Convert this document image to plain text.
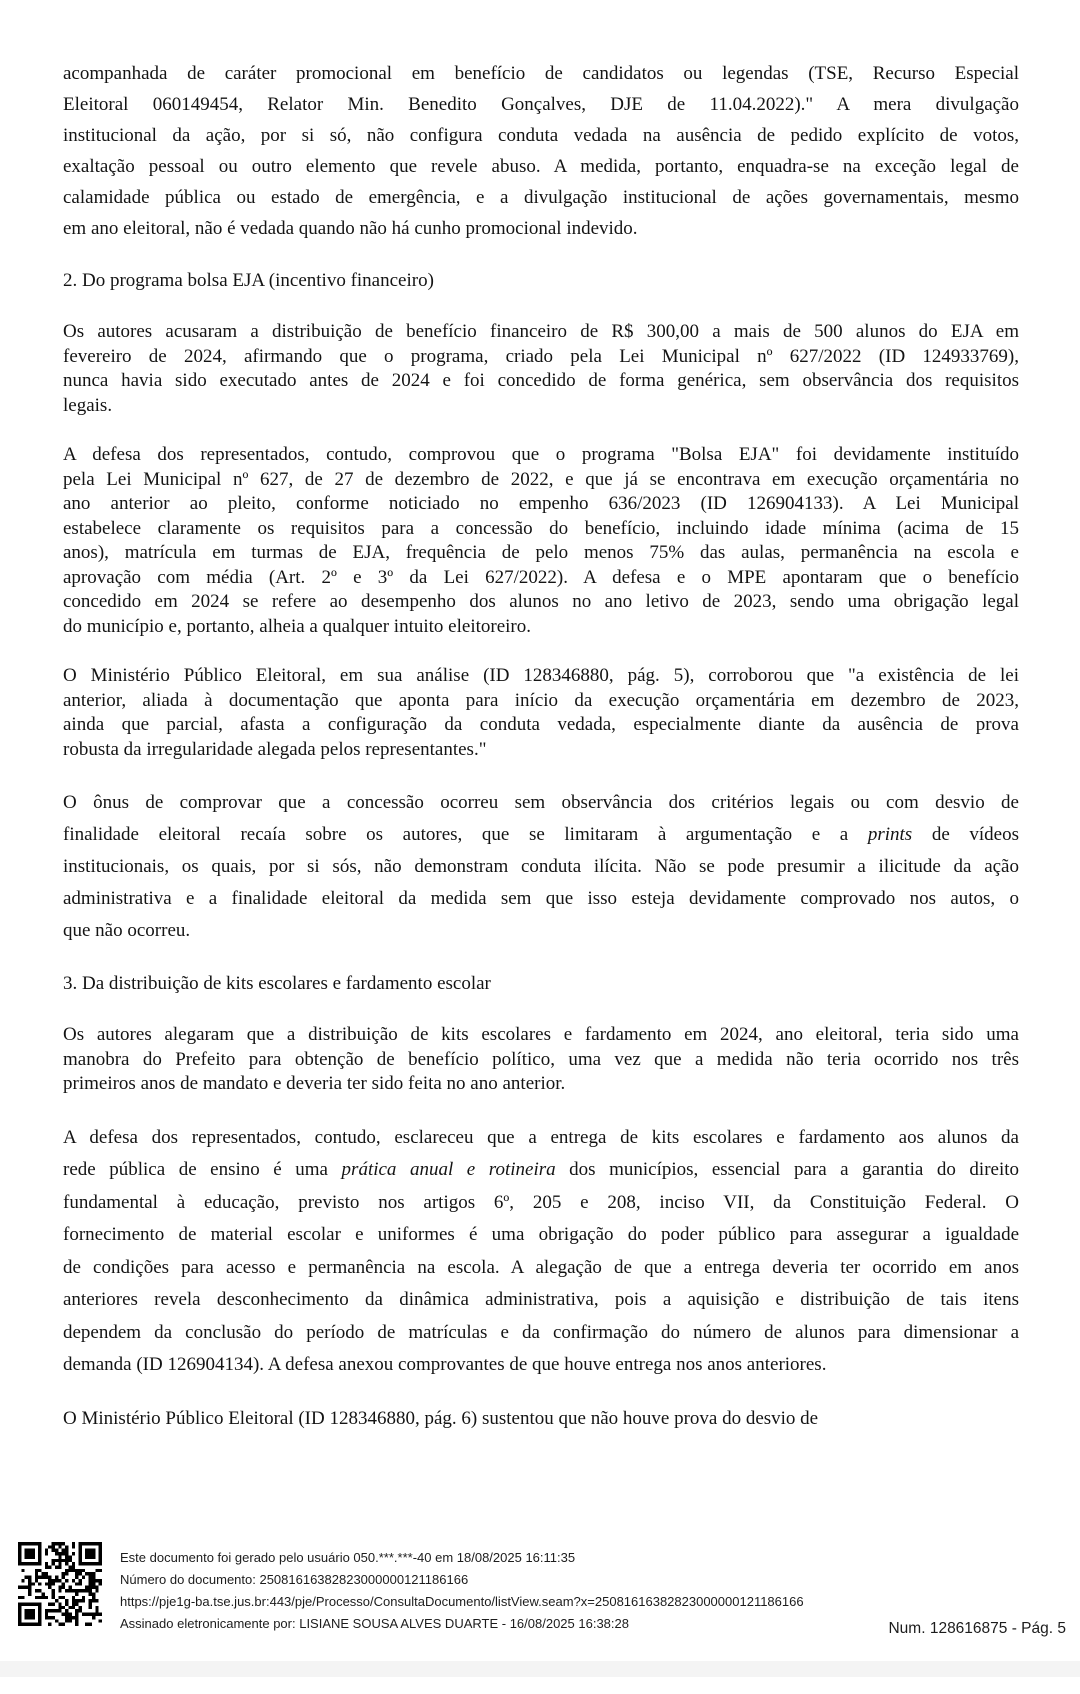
acompanhada de caráter promocional em benefício de candidatos ou legendas (TSE, Recurso Especial
Eleitoral 060149454, Relator Min. Benedito Gonçalves, DJE de 11.04.2022)." A mera divulgação
institucional da ação, por si só, não configura conduta vedada na ausência de pedido explícito de votos,
exaltação pessoal ou outro elemento que revele abuso. A medida, portanto, enquadra-se na exceção legal de
calamidade pública ou estado de emergência, e a divulgação institucional de ações governamentais, mesmo
em ano eleitoral, não é vedada quando não há cunho promocional indevido.
2. Do programa bolsa EJA (incentivo financeiro)
Os autores acusaram a distribuição de benefício financeiro de R$ 300,00 a mais de 500 alunos do EJA em
fevereiro de 2024, afirmando que o programa, criado pela Lei Municipal nº 627/2022 (ID 124933769),
nunca havia sido executado antes de 2024 e foi concedido de forma genérica, sem observância dos requisitos
legais.
A defesa dos representados, contudo, comprovou que o programa "Bolsa EJA" foi devidamente instituído
pela Lei Municipal nº 627, de 27 de dezembro de 2022, e que já se encontrava em execução orçamentária no
ano anterior ao pleito, conforme noticiado no empenho 636/2023 (ID 126904133). A Lei Municipal
estabelece claramente os requisitos para a concessão do benefício, incluindo idade mínima (acima de 15
anos), matrícula em turmas de EJA, frequência de pelo menos 75% das aulas, permanência na escola e
aprovação com média (Art. 2º e 3º da Lei 627/2022). A defesa e o MPE apontaram que o benefício
concedido em 2024 se refere ao desempenho dos alunos no ano letivo de 2023, sendo uma obrigação legal
do município e, portanto, alheia a qualquer intuito eleitoreiro.
O Ministério Público Eleitoral, em sua análise (ID 128346880, pág. 5), corroborou que "a existência de lei
anterior, aliada à documentação que aponta para início da execução orçamentária em dezembro de 2023,
ainda que parcial, afasta a configuração da conduta vedada, especialmente diante da ausência de prova
robusta da irregularidade alegada pelos representantes."
O ônus de comprovar que a concessão ocorreu sem observância dos critérios legais ou com desvio de
finalidade eleitoral recaía sobre os autores, que se limitaram à argumentação e a prints de vídeos
institucionais, os quais, por si sós, não demonstram conduta ilícita. Não se pode presumir a ilicitude da ação
administrativa e a finalidade eleitoral da medida sem que isso esteja devidamente comprovado nos autos, o
que não ocorreu.
3. Da distribuição de kits escolares e fardamento escolar
Os autores alegaram que a distribuição de kits escolares e fardamento em 2024, ano eleitoral, teria sido uma
manobra do Prefeito para obtenção de benefício político, uma vez que a medida não teria ocorrido nos três
primeiros anos de mandato e deveria ter sido feita no ano anterior.
A defesa dos representados, contudo, esclareceu que a entrega de kits escolares e fardamento aos alunos da
rede pública de ensino é uma prática anual e rotineira dos municípios, essencial para a garantia do direito
fundamental à educação, previsto nos artigos 6º, 205 e 208, inciso VII, da Constituição Federal. O
fornecimento de material escolar e uniformes é uma obrigação do poder público para assegurar a igualdade
de condições para acesso e permanência na escola. A alegação de que a entrega deveria ter ocorrido em anos
anteriores revela desconhecimento da dinâmica administrativa, pois a aquisição e distribuição de tais itens
dependem da conclusão do período de matrículas e da confirmação do número de alunos para dimensionar a
demanda (ID 126904134). A defesa anexou comprovantes de que houve entrega nos anos anteriores.
O Ministério Público Eleitoral (ID 128346880, pág. 6) sustentou que não houve prova do desvio de
Este documento foi gerado pelo usuário 050.***.***-40 em 18/08/2025 16:11:35
Número do documento: 25081616382823000000121186166
https://pje1g-ba.tse.jus.br:443/pje/Processo/ConsultaDocumento/listView.seam?x=25081616382823000000121186166
Assinado eletronicamente por: LISIANE SOUSA ALVES DUARTE - 16/08/2025 16:38:28	Num. 128616875 - Pág. 5
